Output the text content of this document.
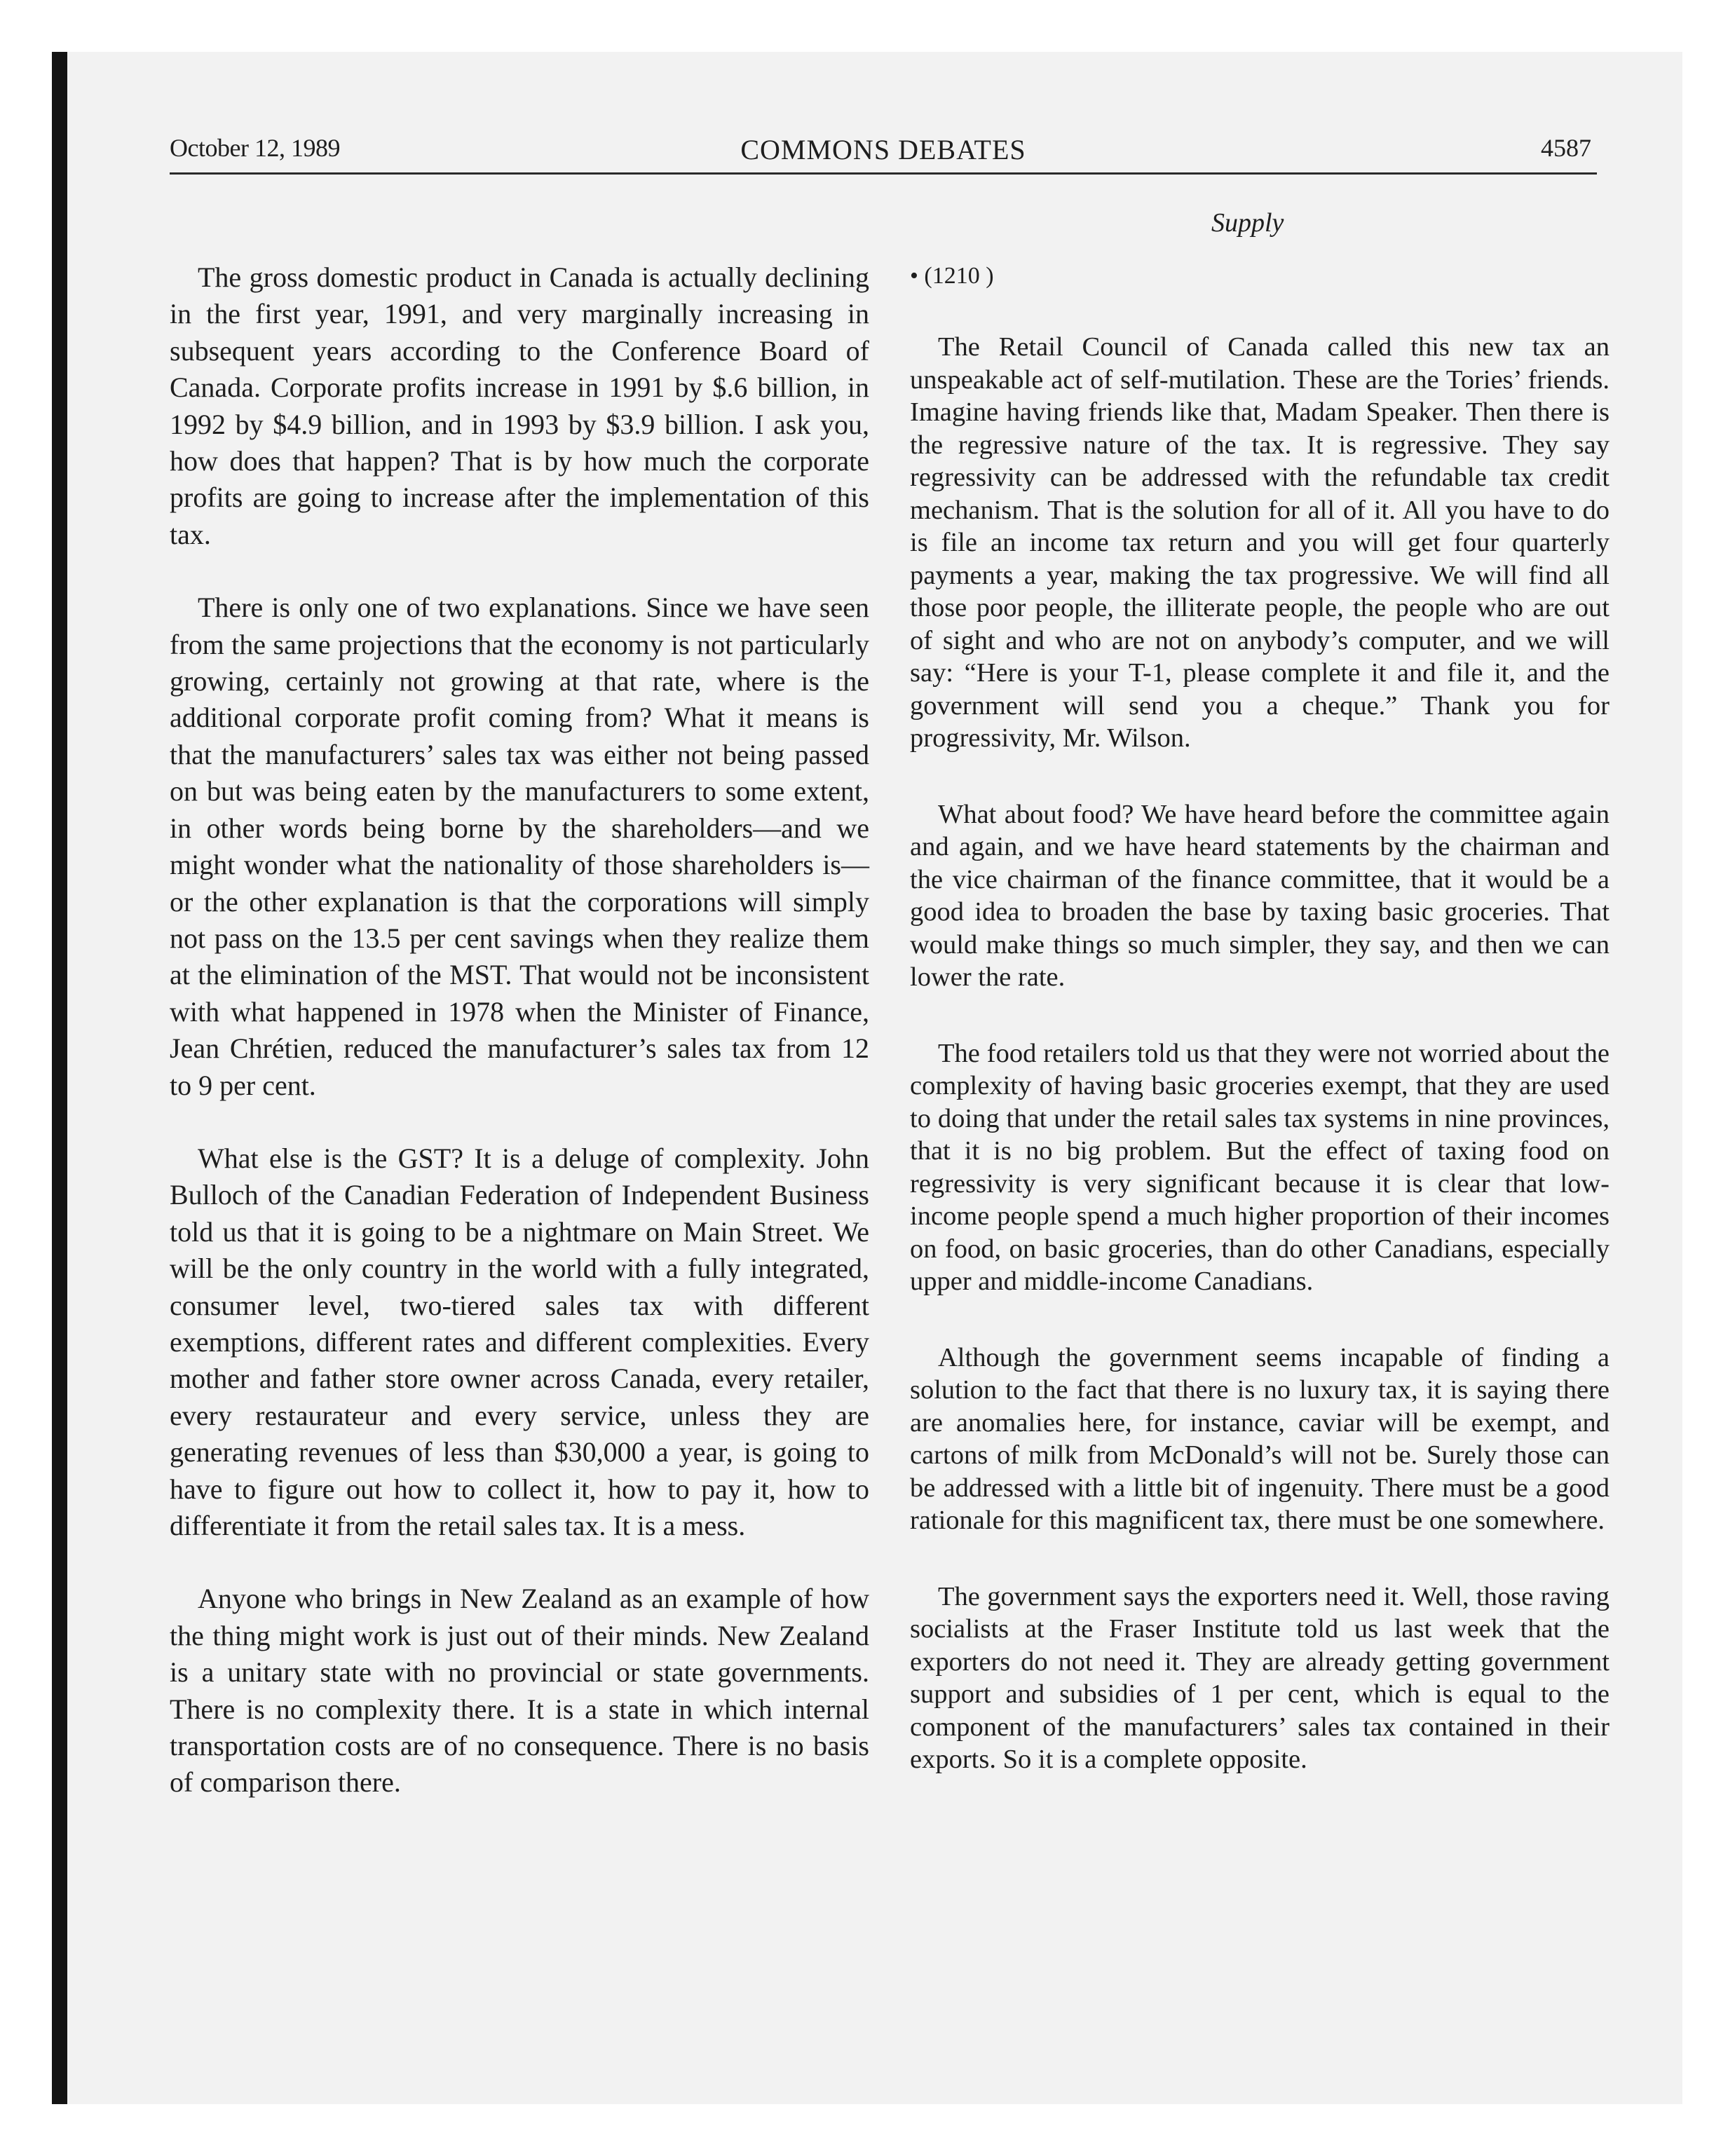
October 12, 1989	COMMONS DEBATES	4587
Supply

The gross domestic product in Canada is actually declining in the first year, 1991, and very marginally increasing in subsequent years according to the Conference Board of Canada. Corporate profits increase in 1991 by $.6 billion, in 1992 by $4.9 billion, and in 1993 by $3.9 billion. I ask you, how does that happen? That is by how much the corporate profits are going to increase after the implementation of this tax.

There is only one of two explanations. Since we have seen from the same projections that the economy is not particularly growing, certainly not growing at that rate, where is the additional corporate profit coming from? What it means is that the manufacturers’ sales tax was either not being passed on but was being eaten by the manufacturers to some extent, in other words being borne by the shareholders—and we might wonder what the nationality of those shareholders is—or the other explanation is that the corporations will simply not pass on the 13.5 per cent savings when they realize them at the elimination of the MST. That would not be inconsistent with what happened in 1978 when the Minister of Finance, Jean Chrétien, reduced the manufacturer’s sales tax from 12 to 9 per cent.

What else is the GST? It is a deluge of complexity. John Bulloch of the Canadian Federation of Independent Business told us that it is going to be a nightmare on Main Street. We will be the only country in the world with a fully integrated, consumer level, two-tiered sales tax with different exemptions, different rates and different complexities. Every mother and father store owner across Canada, every retailer, every restaurateur and every service, unless they are generating revenues of less than $30,000 a year, is going to have to figure out how to collect it, how to pay it, how to differentiate it from the retail sales tax. It is a mess.

Anyone who brings in New Zealand as an example of how the thing might work is just out of their minds. New Zealand is a unitary state with no provincial or state governments. There is no complexity there. It is a state in which internal transportation costs are of no consequence. There is no basis of comparison there.

• (1210 )

The Retail Council of Canada called this new tax an unspeakable act of self-mutilation. These are the Tories’ friends. Imagine having friends like that, Madam Speaker. Then there is the regressive nature of the tax. It is regressive. They say regressivity can be addressed with the refundable tax credit mechanism. That is the solution for all of it. All you have to do is file an income tax return and you will get four quarterly payments a year, making the tax progressive. We will find all those poor people, the illiterate people, the people who are out of sight and who are not on anybody’s computer, and we will say: “Here is your T-1, please complete it and file it, and the government will send you a cheque.” Thank you for progressivity, Mr. Wilson.

What about food? We have heard before the committee again and again, and we have heard statements by the chairman and the vice chairman of the finance committee, that it would be a good idea to broaden the base by taxing basic groceries. That would make things so much simpler, they say, and then we can lower the rate.

The food retailers told us that they were not worried about the complexity of having basic groceries exempt, that they are used to doing that under the retail sales tax systems in nine provinces, that it is no big problem. But the effect of taxing food on regressivity is very significant because it is clear that low-income people spend a much higher proportion of their incomes on food, on basic groceries, than do other Canadians, especially upper and middle-income Canadians.

Although the government seems incapable of finding a solution to the fact that there is no luxury tax, it is saying there are anomalies here, for instance, caviar will be exempt, and cartons of milk from McDonald’s will not be. Surely those can be addressed with a little bit of ingenuity. There must be a good rationale for this magnificent tax, there must be one somewhere.

The government says the exporters need it. Well, those raving socialists at the Fraser Institute told us last week that the exporters do not need it. They are already getting government support and subsidies of 1 per cent, which is equal to the component of the manufacturers’ sales tax contained in their exports. So it is a complete opposite.
